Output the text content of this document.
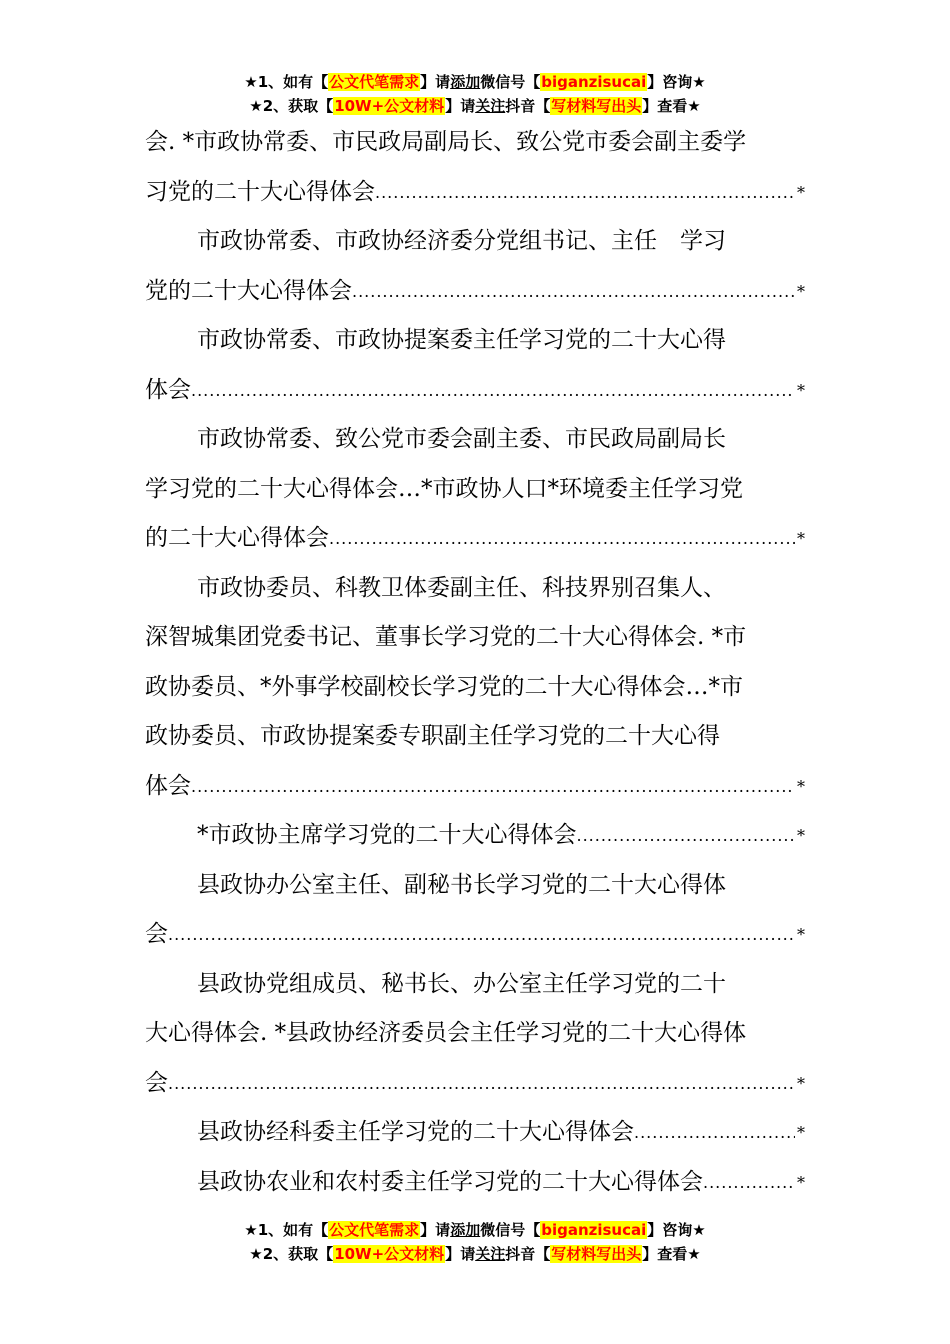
★1、如有【公文代笔需求】请添加微信号【biganzisucai】咨询★
★2、获取【10W+公文材料】请关注抖音【写材料写出头】查看★
会. *市政协常委、市民政局副局长、致公党市委会副主委学
习党的二十大心得体会 .....	*
市政协常委、市政协经济委分党组书记、主任　学习
党的二十大心得体会 .....	*
市政协常委、市政协提案委主任学习党的二十大心得
体会 .....	*
市政协常委、致公党市委会副主委、市民政局副局长
学习党的二十大心得体会…*市政协人口*环境委主任学习党
的二十大心得体会 .....	*
市政协委员、科教卫体委副主任、科技界别召集人、
深智城集团党委书记、董事长学习党的二十大心得体会. *市
政协委员、*外事学校副校长学习党的二十大心得体会…*市
政协委员、市政协提案委专职副主任学习党的二十大心得
体会 .....	*
*市政协主席学习党的二十大心得体会 .....	*
县政协办公室主任、副秘书长学习党的二十大心得体
会 .....	*
县政协党组成员、秘书长、办公室主任学习党的二十
大心得体会. *县政协经济委员会主任学习党的二十大心得体
会 .....	*
县政协经科委主任学习党的二十大心得体会 .....	*
县政协农业和农村委主任学习党的二十大心得体会 .....	*
★1、如有【公文代笔需求】请添加微信号【biganzisucai】咨询★
★2、获取【10W+公文材料】请关注抖音【写材料写出头】查看★
